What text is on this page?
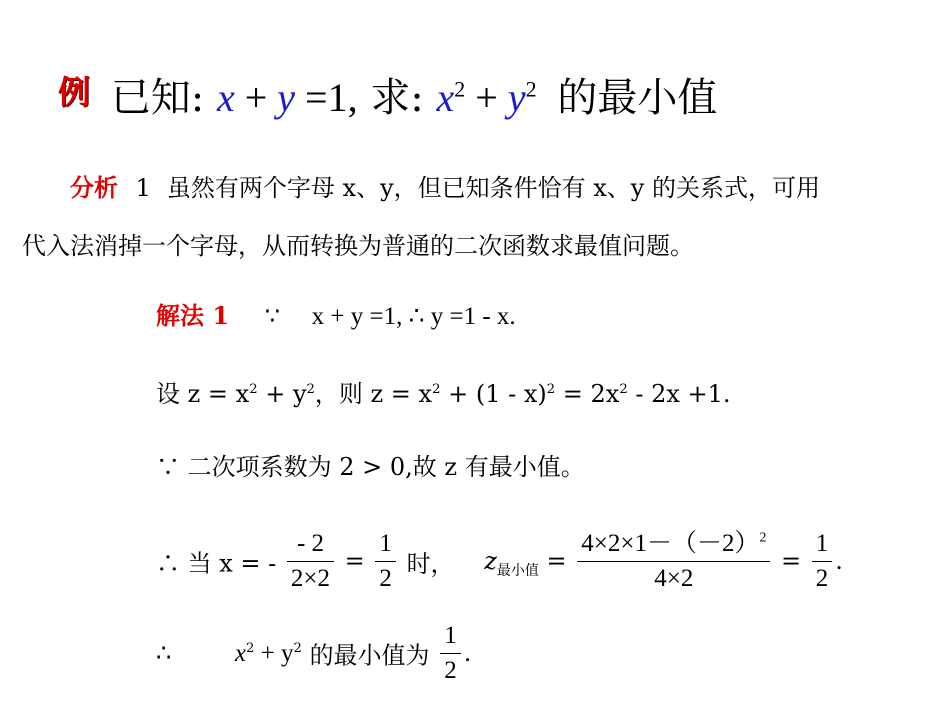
$^例$ 已知: x + y =1, 求: $x^2 + y^2$ 的最小值
分析 1 虽然有两个字母 x、y，但已知条件恰有 x、y 的关系式，可用
代入法消掉一个字母，从而转换为普通的二次函数求最值问题。
解法 1 ∵ x + y =1, ∴ y =1 - x.
设 $z = x^2 + y^2$，则 $z = x^2 + (1 - x)^2 = 2x^2 - 2x +1$.
∵ 二次项系数为 2 > 0,故 z 有最小值。
∴ 当 x = - $\frac{- 2}{2\times 2} = \frac{1}{2}$ 时， $z_{最小值} = \frac{4\times 2\times 1-(-2)^2}{4\times 2} = \frac{1}{2}$ .
∴	$x^2 + y^2$ 的最小值为 $\frac{1}{2}$ .
